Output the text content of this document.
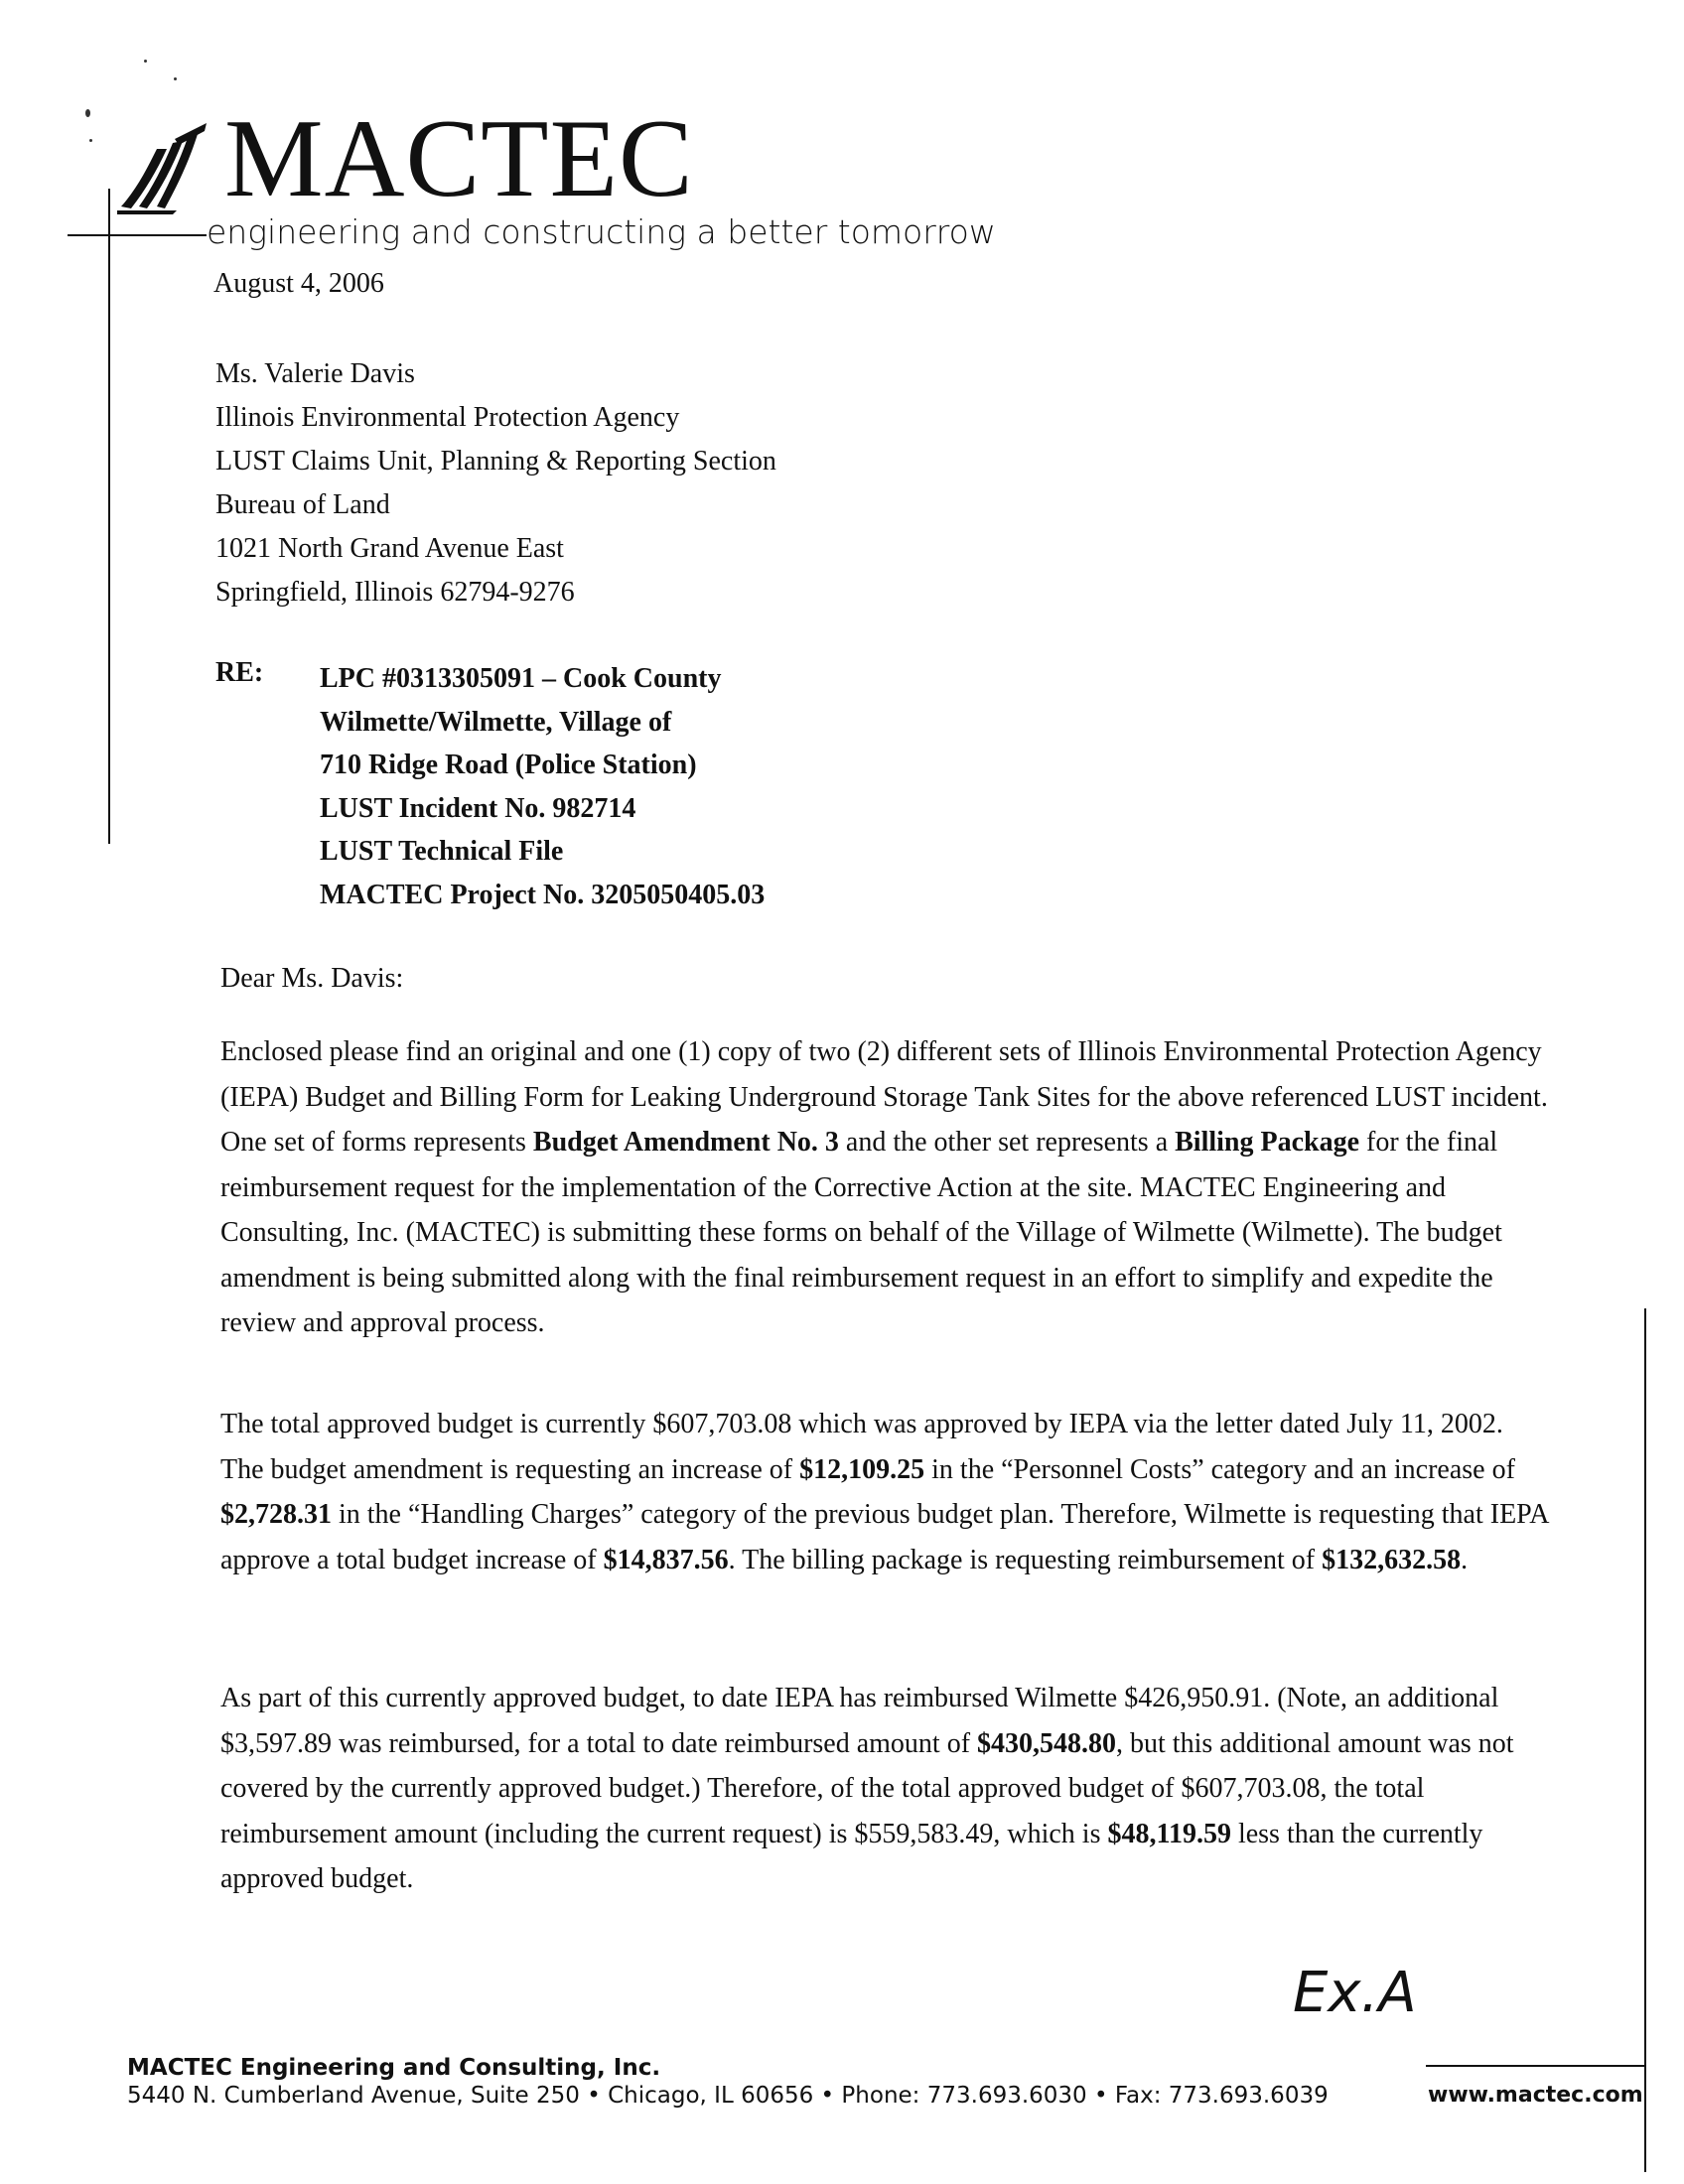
MACTEC
engineering and constructing a better tomorrow
August 4, 2006
Ms. Valerie Davis
Illinois Environmental Protection Agency
LUST Claims Unit, Planning & Reporting Section
Bureau of Land
1021 North Grand Avenue East
Springfield, Illinois 62794-9276
RE: LPC #0313305091 – Cook County
Wilmette/Wilmette, Village of
710 Ridge Road (Police Station)
LUST Incident No. 982714
LUST Technical File
MACTEC Project No. 3205050405.03
Dear Ms. Davis:
Enclosed please find an original and one (1) copy of two (2) different sets of Illinois Environmental Protection Agency (IEPA) Budget and Billing Form for Leaking Underground Storage Tank Sites for the above referenced LUST incident. One set of forms represents Budget Amendment No. 3 and the other set represents a Billing Package for the final reimbursement request for the implementation of the Corrective Action at the site. MACTEC Engineering and Consulting, Inc. (MACTEC) is submitting these forms on behalf of the Village of Wilmette (Wilmette). The budget amendment is being submitted along with the final reimbursement request in an effort to simplify and expedite the review and approval process.
The total approved budget is currently $607,703.08 which was approved by IEPA via the letter dated July 11, 2002. The budget amendment is requesting an increase of $12,109.25 in the “Personnel Costs” category and an increase of $2,728.31 in the “Handling Charges” category of the previous budget plan. Therefore, Wilmette is requesting that IEPA approve a total budget increase of $14,837.56. The billing package is requesting reimbursement of $132,632.58.
As part of this currently approved budget, to date IEPA has reimbursed Wilmette $426,950.91. (Note, an additional $3,597.89 was reimbursed, for a total to date reimbursed amount of $430,548.80, but this additional amount was not covered by the currently approved budget.) Therefore, of the total approved budget of $607,703.08, the total reimbursement amount (including the current request) is $559,583.49, which is $48,119.59 less than the currently approved budget.
Ex.A
MACTEC Engineering and Consulting, Inc.
5440 N. Cumberland Avenue, Suite 250 • Chicago, IL 60656 • Phone: 773.693.6030 • Fax: 773.693.6039	www.mactec.com
